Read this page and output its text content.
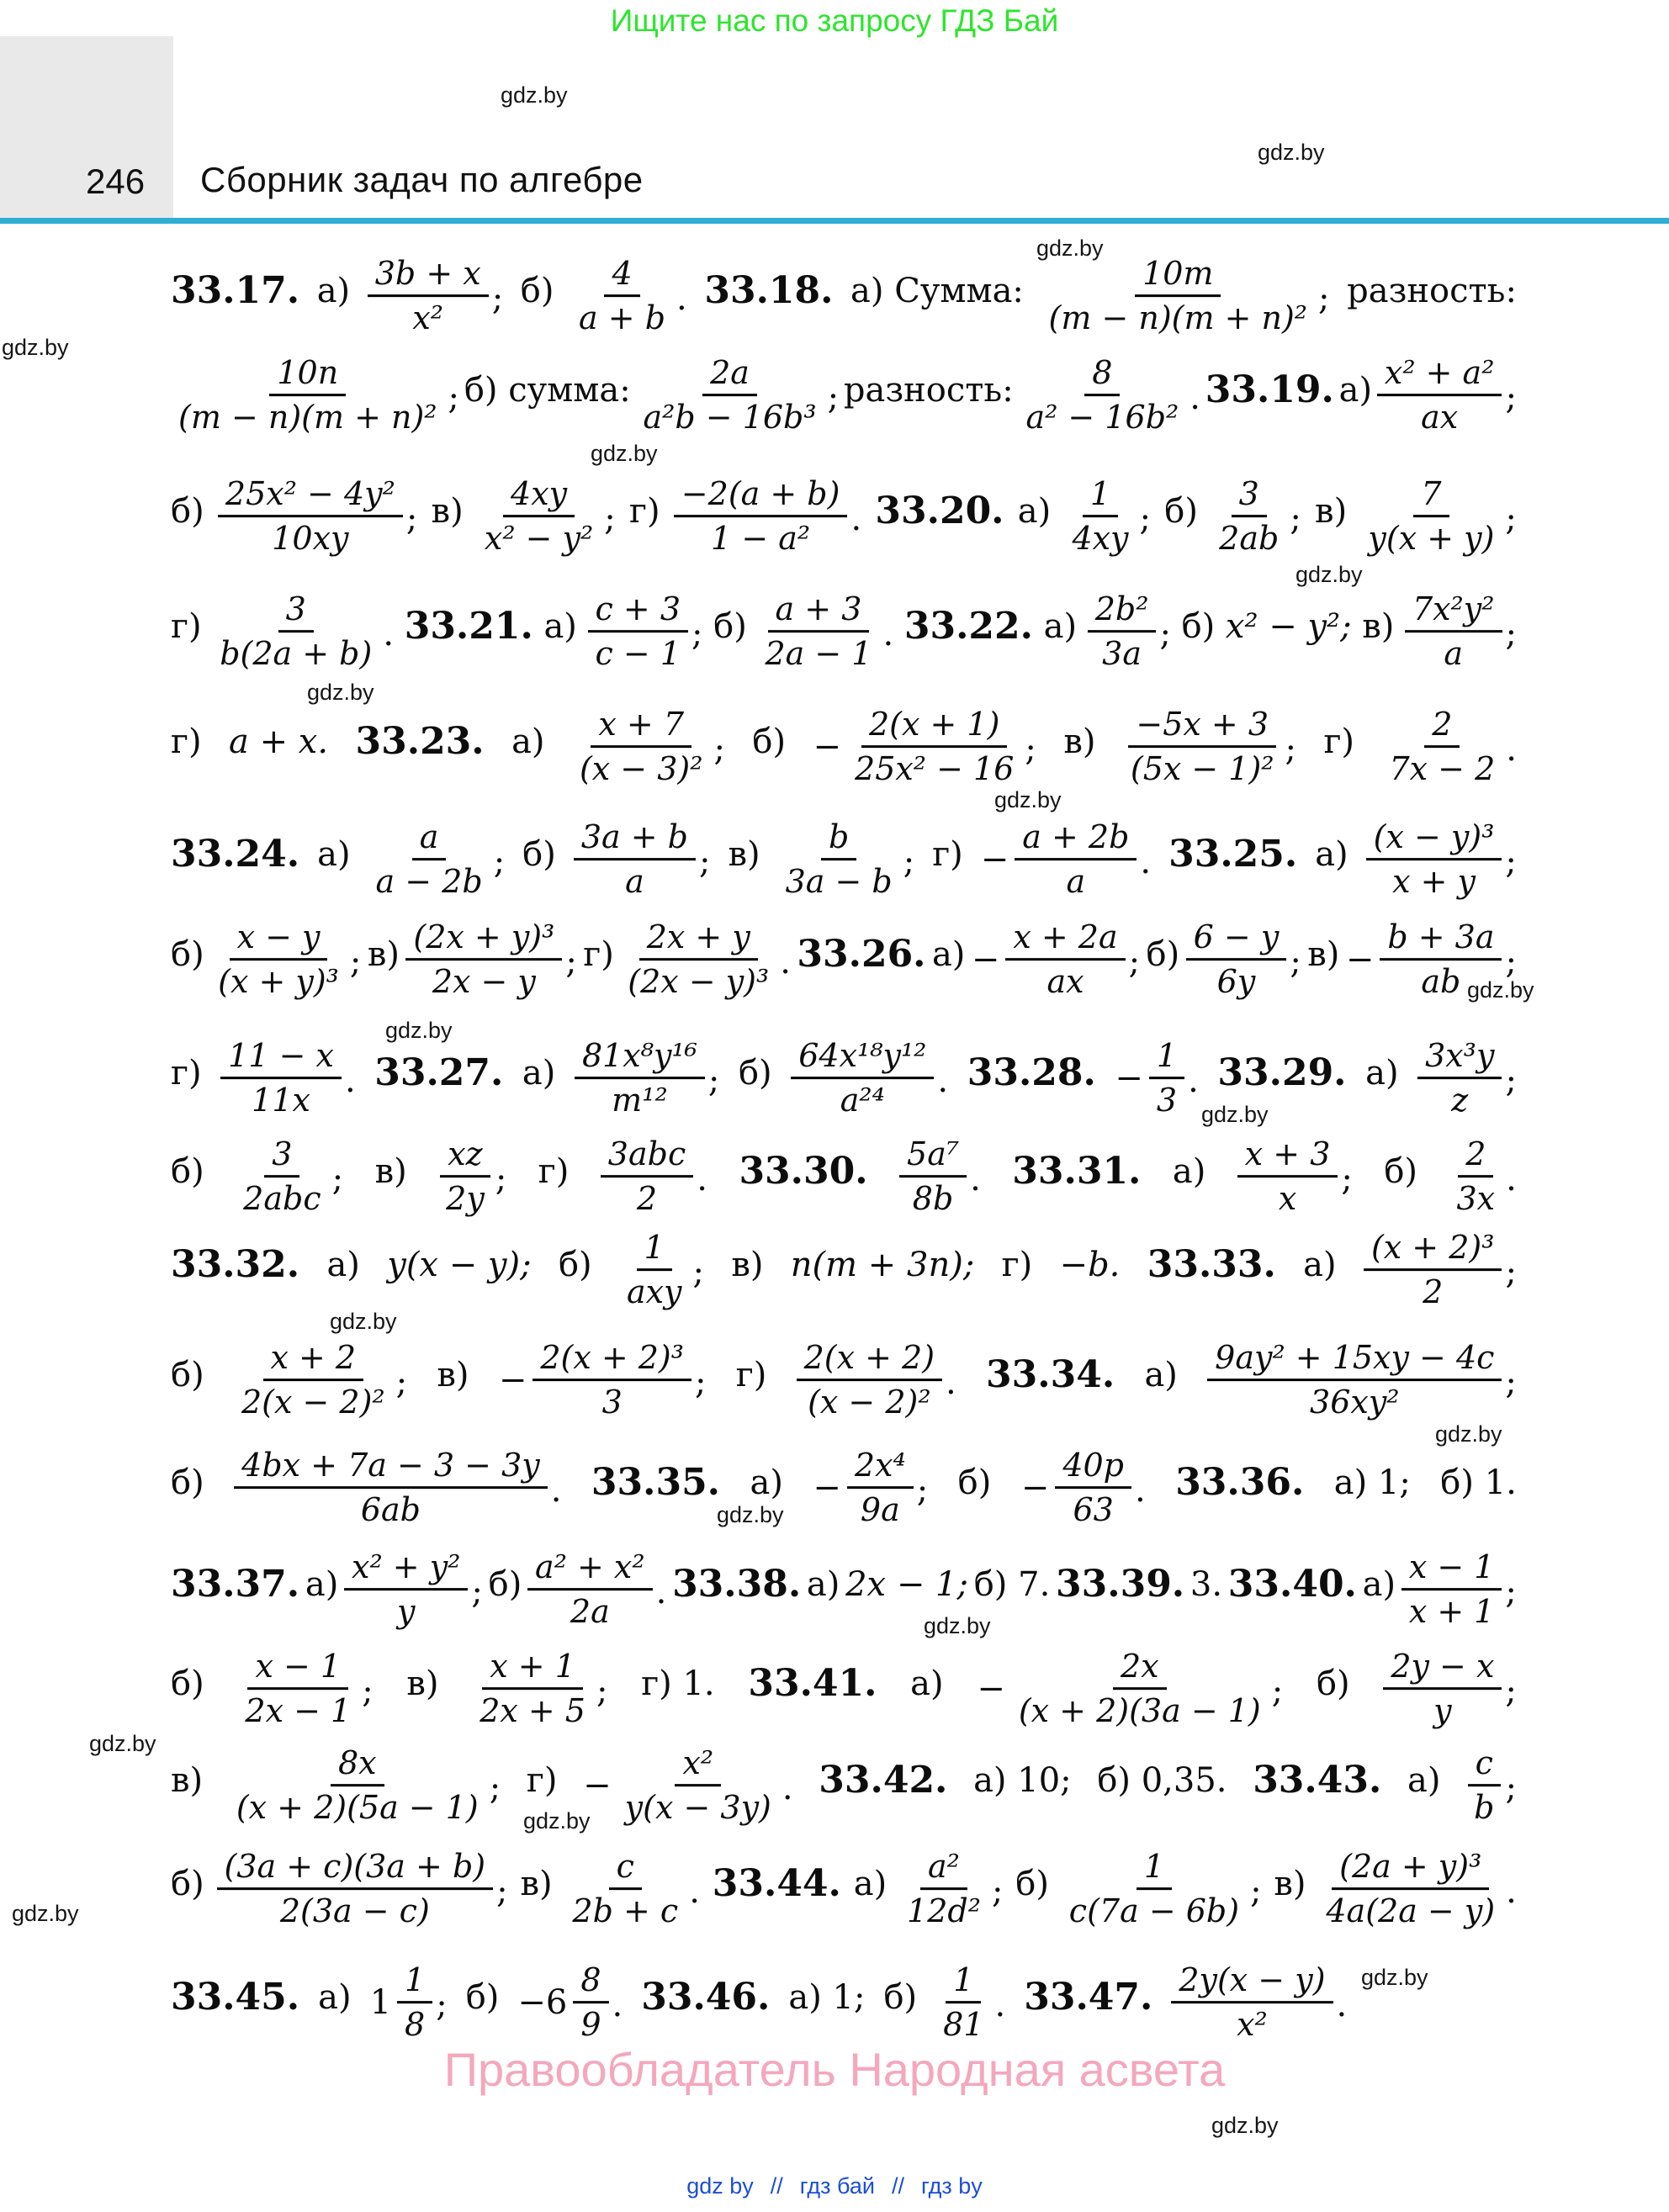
Ищите нас по запросу ГДЗ Бай
246 Сборник задач по алгебре
33.17. $а) \frac{3b + x}{\text{x²}}$ ; $б) \frac{4}{a + b}$ . 33.18. а) Сумма: $\frac{10m}{\text{(m − n)(m + n)²}}$ ; разность:
$\frac{10n}{\text{(m − n)(m + n)²}}$ ; б) сумма: $\frac{2a}{\text{a²b − 16b³}}$ ; разность: $\frac{8}{\text{a² − 16b²}}$ . 33.19. $а) \frac{\text{x² + a²}}{ax}$ ;
$б) \frac{\text{25x² − 4y²}}{10xy}$ ; $в) \frac{4xy}{\text{x² − y²}}$ ; $г) \frac{-2(a + b)}{\text{1 − a²}}$ . 33.20. $а) \frac{1}{4xy}$ ; $б) \frac{3}{2ab}$ ; $в) \frac{7}{y(x + y)}$ ;
$г) \frac{3}{b(2a + b)}$ . 33.21. $а) \frac{c + 3}{c - 1}$ ; $б) \frac{a + 3}{2a - 1}$ . 33.22. $а) \frac{\text{2b²}}{3a}$ ; б) x² − y²; $в) \frac{\text{7x²y²}}{a}$ ;
г) a + x. 33.23. $а) \frac{x + 7}{\text{(x − 3)²}}$ ; $б) - \frac{2(x + 1)}{\text{25x² − 16}}$ ; $в) \frac{-5x + 3}{\text{(5x − 1)²}}$ ; $г) \frac{2}{7x - 2}$ .
33.24. $а) \frac{a}{a - 2b}$ ; $б) \frac{3a + b}{a}$ ; $в) \frac{b}{3a - b}$ ; $г) - \frac{a + 2b}{a}$ . 33.25. $а) \frac{\text{(x − y)³}}{x + y}$ ;
$б) \frac{x - y}{\text{(x + y)³}}$ ; $в) \frac{\text{(2x + y)³}}{2x - y}$ ; $г) \frac{2x + y}{\text{(2x − y)³}}$ . 33.26. $а) - \frac{x + 2a}{ax}$ ; $б) \frac{6 - y}{6y}$ ; $в) - \frac{b + 3a}{ab}$ ;
$г) \frac{11 - x}{11x}$ . 33.27. $а) \frac{\text{81x⁸y¹⁶}}{\text{m¹²}}$ ; $б) \frac{\text{64x¹⁸y¹²}}{\text{a²⁴}}$ . 33.28. − $\frac{1}{3}$ . 33.29. $а) \frac{\text{3x³y}}{z}$ ;
$б) \frac{3}{\text{2abc}}$ ; $в) \frac{xz}{2y}$ ; $г) \frac{\text{3abc}}{2}$ . 33.30. $\frac{\text{5a⁷}}{8b}$ . 33.31. $а) \frac{x + 3}{x}$ ; $б) \frac{2}{3x}$ .
33.32. а) y(x − y); $б) \frac{1}{\text{axy}}$ ; в) n(m + 3n); г) −b. 33.33. $а) \frac{\text{(x + 2)³}}{2}$ ;
$б) \frac{x + 2}{\text{2(x − 2)²}}$ ; $в) - \frac{\text{2(x + 2)³}}{3}$ ; $г) \frac{2(x + 2)}{\text{(x − 2)²}}$ . 33.34. $а) \frac{\text{9ay² + 15xy − 4c}}{\text{36xy²}}$ ;
$б) \frac{4bx + 7a - 3 - 3y}{6ab}$ . 33.35. $а) - \frac{\text{2x⁴}}{9a}$ ; $б) - \frac{40p}{63}$ . 33.36. а) 1; б) 1.
33.37. $а) \frac{\text{x² + y²}}{y}$ ; $б) \frac{\text{a² + x²}}{2a}$ . 33.38. а) 2x − 1; б) 7. 33.39. 3. 33.40. $а) \frac{x - 1}{x + 1}$ ;
$б) \frac{x - 1}{2x - 1}$ ; $в) \frac{x + 1}{2x + 5}$ ; г) 1. 33.41. $а) - \frac{2x}{(x + 2)(3a - 1)}$ ; $б) \frac{2y - x}{y}$ ;
$в) \frac{8x}{(x + 2)(5a - 1)}$ ; $г) - \frac{\text{x²}}{y(x - 3y)}$ . 33.42. а) 10; б) 0,35. 33.43. $а) \frac{c}{b}$ ;
$б) \frac{(3a + c)(3a + b)}{2(3a - c)}$ ; $в) \frac{c}{2b + c}$ . 33.44. $а) \frac{\text{a²}}{\text{12d²}}$ ; $б) \frac{1}{c(7a - 6b)}$ ; $в) \frac{\text{(2a + y)³}}{4a(2a - y)}$ .
33.45. а) $1 \frac{1}{8}$ ; $б) -6 \frac{8}{9}$ . 33.46. а) 1; $б) \frac{1}{81}$ . 33.47. $\frac{2y(x - y)}{\text{x²}}$ .
gdz.by
gdz.by
gdz.by
gdz.by
gdz.by
gdz.by
gdz.by
gdz.by
gdz.by
gdz.by
gdz.by
gdz.by
gdz.by
gdz.by
gdz.by
gdz.by
gdz.by
gdz.by
gdz.by
gdz.by
Правообладатель Народная асвета
gdz by // гдз бай // гдз by
